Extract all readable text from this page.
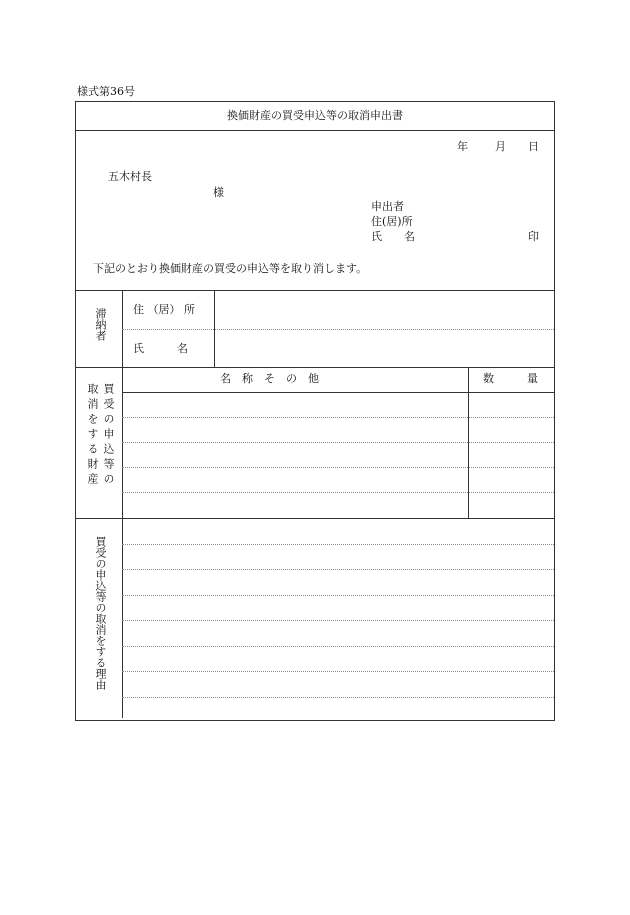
様式第36号
換価財産の買受申込等の取消申出書
年 月 日
五木村長
様
申出者
住(居)所
氏　　名	印
下記のとおり換価財産の買受の申込等を取り消します。
滞納者 住 （居） 所
氏　　　名
買受の申込等の
取消をする財産
名　称　そ　の　他	数　　　量
買受の申込等の取消をする理由
